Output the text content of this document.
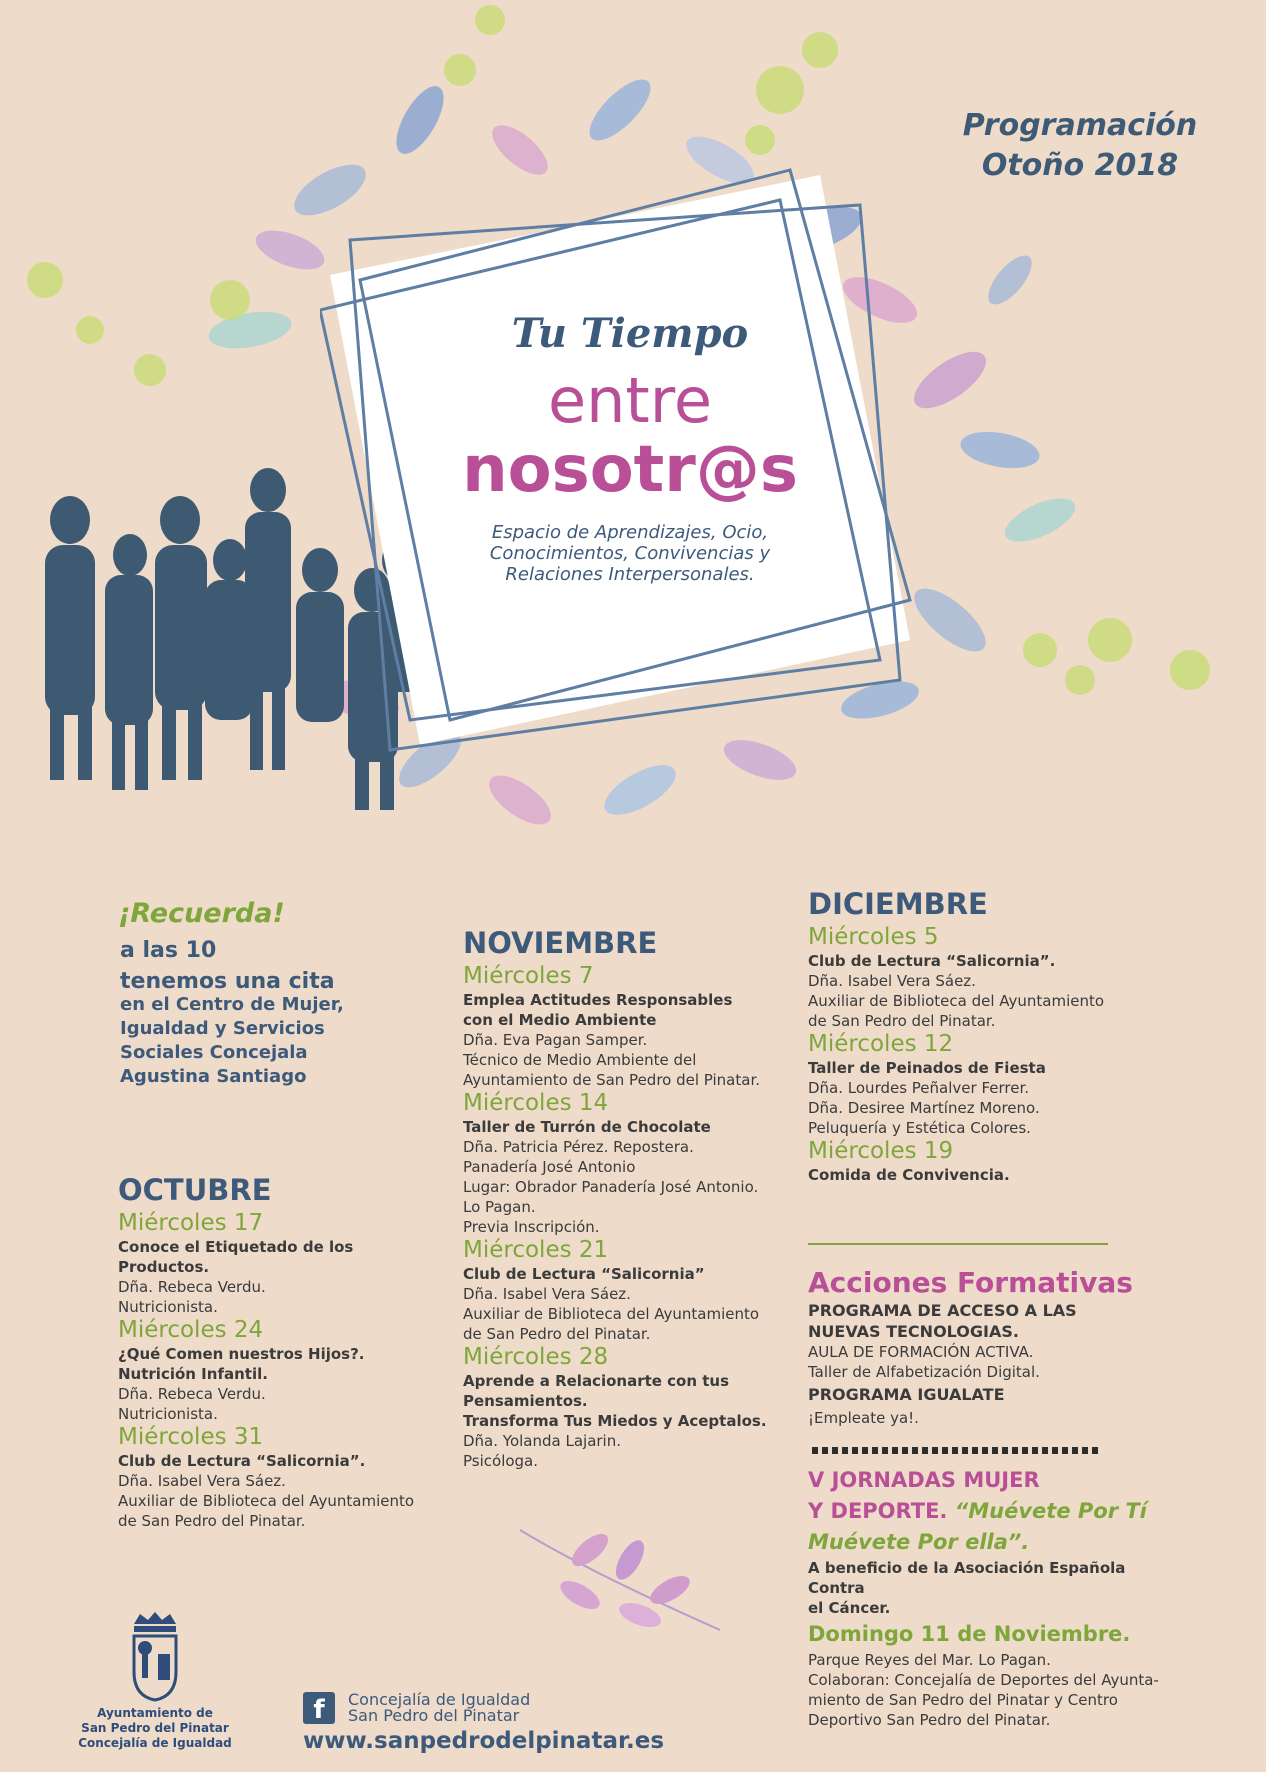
Programación
Otoño 2018
Tu Tiempo
entre
nosotr@s
Espacio de Aprendizajes, Ocio,
Conocimientos, Convivencias y
Relaciones Interpersonales.
¡Recuerda!
a las 10
tenemos una cita
en el Centro de Mujer,
Igualdad y Servicios
Sociales Concejala
Agustina Santiago
OCTUBRE
Miércoles 17
Conoce el Etiquetado de los Productos.
Dña. Rebeca Verdu.
Nutricionista.
Miércoles 24
¿Qué Comen nuestros Hijos?.
Nutrición Infantil.
Dña. Rebeca Verdu.
Nutricionista.
Miércoles 31
Club de Lectura “Salicornia”.
Dña. Isabel Vera Sáez.
Auxiliar de Biblioteca del Ayuntamiento
de San Pedro del Pinatar.
NOVIEMBRE
Miércoles 7
Emplea Actitudes Responsables
con el Medio Ambiente
Dña. Eva Pagan Samper.
Técnico de Medio Ambiente del
Ayuntamiento de San Pedro del Pinatar.
Miércoles 14
Taller de Turrón de Chocolate
Dña. Patricia Pérez. Repostera.
Panadería José Antonio
Lugar: Obrador Panadería José Antonio.
Lo Pagan.
Previa Inscripción.
Miércoles 21
Club de Lectura “Salicornia”
Dña. Isabel Vera Sáez.
Auxiliar de Biblioteca del Ayuntamiento
de San Pedro del Pinatar.
Miércoles 28
Aprende a Relacionarte con tus
Pensamientos.
Transforma Tus Miedos y Aceptalos.
Dña. Yolanda Lajarin.
Psicóloga.
DICIEMBRE
Miércoles 5
Club de Lectura “Salicornia”.
Dña. Isabel Vera Sáez.
Auxiliar de Biblioteca del Ayuntamiento
de San Pedro del Pinatar.
Miércoles 12
Taller de Peinados de Fiesta
Dña. Lourdes Peñalver Ferrer.
Dña. Desiree Martínez Moreno.
Peluquería y Estética Colores.
Miércoles 19
Comida de Convivencia.
Acciones Formativas
PROGRAMA DE ACCESO A LAS
NUEVAS TECNOLOGIAS.
AULA DE FORMACIÓN ACTIVA.
Taller de Alfabetización Digital.
PROGRAMA IGUALATE
¡Empleate ya!.
V JORNADAS MUJER
Y DEPORTE. “Muévete Por Tí
Muévete Por ella”.
A beneficio de la Asociación Española Contra
el Cáncer.
Domingo 11 de Noviembre.
Parque Reyes del Mar. Lo Pagan.
Colaboran: Concejalía de Deportes del Ayunta-
miento de San Pedro del Pinatar y Centro
Deportivo San Pedro del Pinatar.
Ayuntamiento de
San Pedro del Pinatar
Concejalía de Igualdad
f	Concejalía de Igualdad
San Pedro del Pinatar
www.sanpedrodelpinatar.es
